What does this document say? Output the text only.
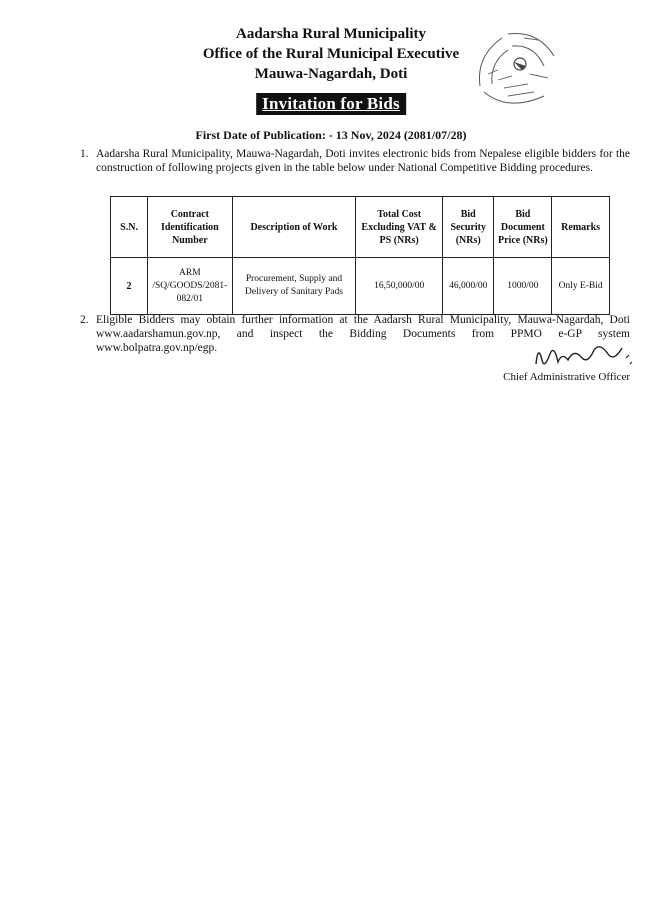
Aadarsha Rural Municipality
Office of the Rural Municipal Executive
Mauwa-Nagardah, Doti
Invitation for Bids
First Date of Publication: - 13 Nov, 2024 (2081/07/28)
1. Aadarsha Rural Municipality, Mauwa-Nagardah, Doti invites electronic bids from Nepalese eligible bidders for the construction of following projects given in the table below under National Competitive Bidding procedures.
S.N.	Contract Identification Number	Description of Work	Total Cost Excluding VAT & PS (NRs)	Bid Security (NRs)	Bid Document Price (NRs)	Remarks
2	ARM /SQ/GOODS/2081-082/01	Procurement, Supply and Delivery of Sanitary Pads	16,50,000/00	46,000/00	1000/00	Only E-Bid
2. Eligible Bidders may obtain further information at the Aadarsh Rural Municipality, Mauwa-Nagardah, Doti www.aadarshamun.gov.np, and inspect the Bidding Documents from PPMO e-GP system www.bolpatra.gov.np/egp.
Chief Administrative Officer
